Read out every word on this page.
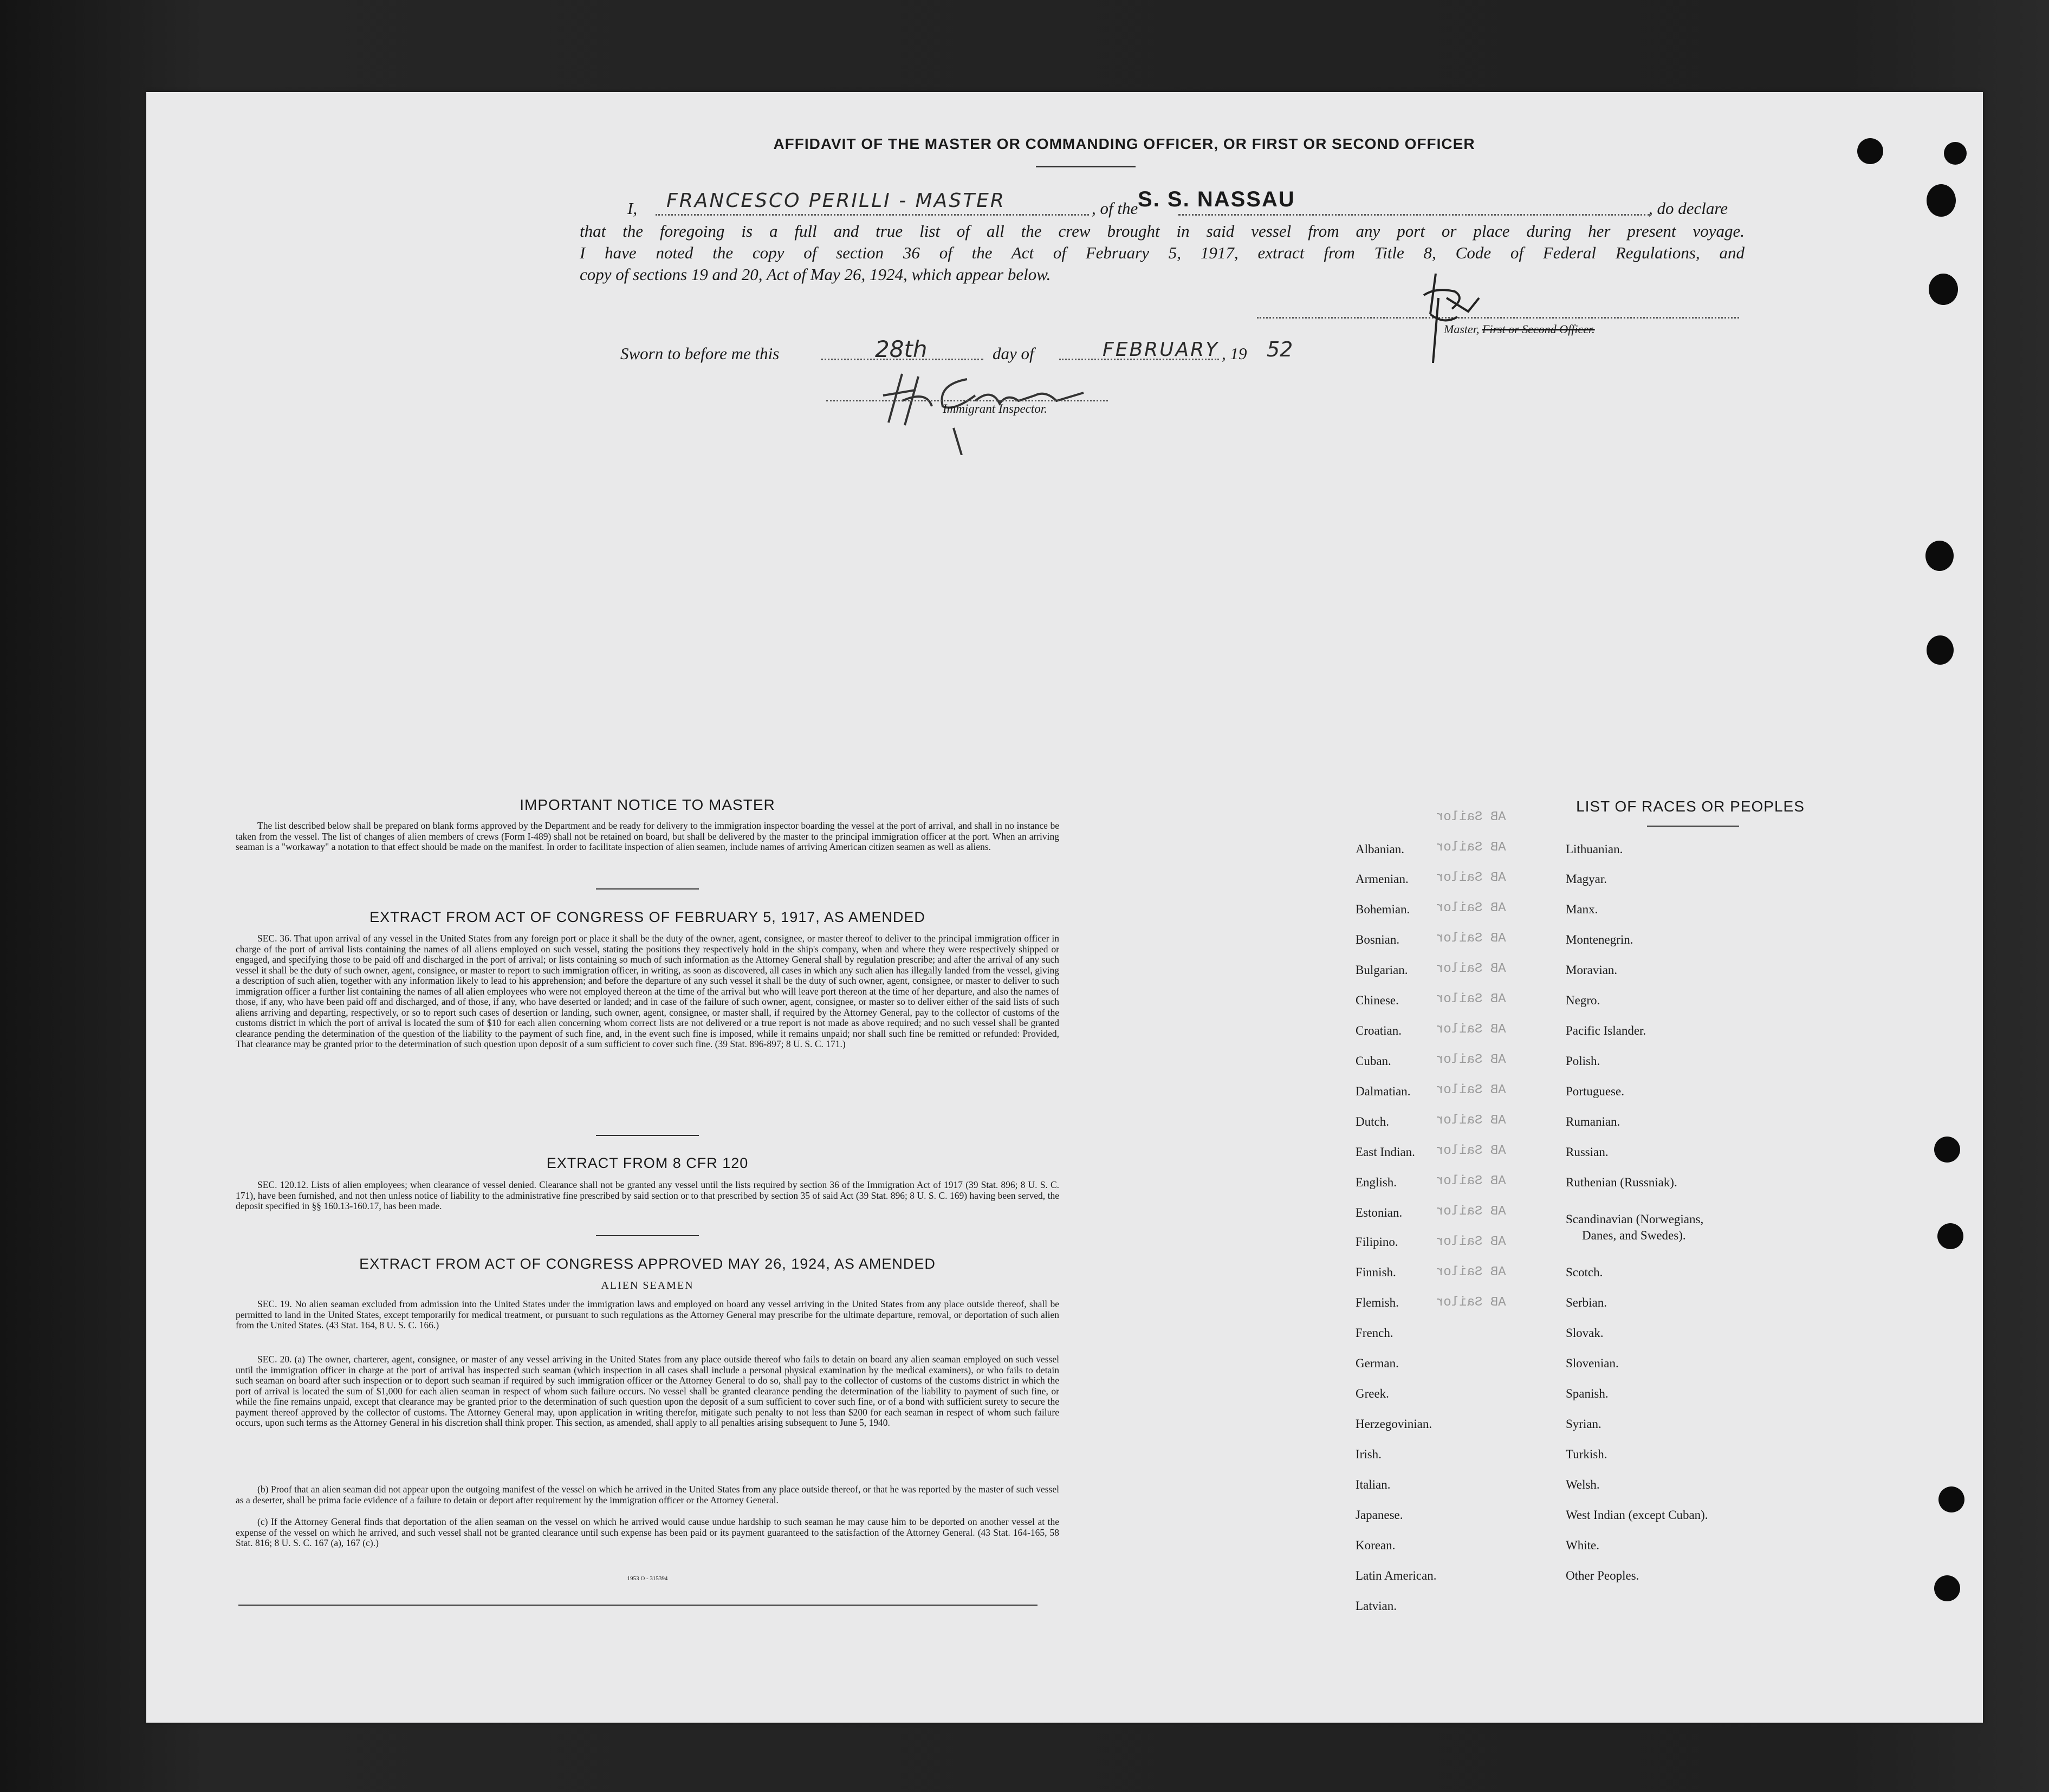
AFFIDAVIT OF THE MASTER OR COMMANDING OFFICER, OR FIRST OR SECOND OFFICER
I, FRANCESCO PERILLI - MASTER	, of the S. S. NASSAU	, do declare
that the foregoing is a full and true list of all the crew brought in said vessel from any port or place during her present voyage.
I have noted the copy of section 36 of the Act of February 5, 1917, extract from Title 8, Code of Federal Regulations, and
copy of sections 19 and 20, Act of May 26, 1924, which appear below.
Master, First or Second Officer.
Sworn to before me this	28th	day of	FEBRUARY , 19 52
Immigrant Inspector.
IMPORTANT NOTICE TO MASTER
The list described below shall be prepared on blank forms approved by the Department and be ready for delivery to the immigration inspector boarding the vessel at the port of arrival, and shall in no instance be taken from the vessel. The list of changes of alien members of crews (Form I-489) shall not be retained on board, but shall be delivered by the master to the principal immigration officer at the port. When an arriving seaman is a "workaway" a notation to that effect should be made on the manifest. In order to facilitate inspection of alien seamen, include names of arriving American citizen seamen as well as aliens.
EXTRACT FROM ACT OF CONGRESS OF FEBRUARY 5, 1917, AS AMENDED
SEC. 36. That upon arrival of any vessel in the United States from any foreign port or place it shall be the duty of the owner, agent, consignee, or master thereof to deliver to the principal immigration officer in charge of the port of arrival lists containing the names of all aliens employed on such vessel, stating the positions they respectively hold in the ship's company, when and where they were respectively shipped or engaged, and specifying those to be paid off and discharged in the port of arrival; or lists containing so much of such information as the Attorney General shall by regulation prescribe; and after the arrival of any such vessel it shall be the duty of such owner, agent, consignee, or master to report to such immigration officer, in writing, as soon as discovered, all cases in which any such alien has illegally landed from the vessel, giving a description of such alien, together with any information likely to lead to his apprehension; and before the departure of any such vessel it shall be the duty of such owner, agent, consignee, or master to deliver to such immigration officer a further list containing the names of all alien employees who were not employed thereon at the time of the arrival but who will leave port thereon at the time of her departure, and also the names of those, if any, who have been paid off and discharged, and of those, if any, who have deserted or landed; and in case of the failure of such owner, agent, consignee, or master so to deliver either of the said lists of such aliens arriving and departing, respectively, or so to report such cases of desertion or landing, such owner, agent, consignee, or master shall, if required by the Attorney General, pay to the collector of customs of the customs district in which the port of arrival is located the sum of $10 for each alien concerning whom correct lists are not delivered or a true report is not made as above required; and no such vessel shall be granted clearance pending the determination of the question of the liability to the payment of such fine, and, in the event such fine is imposed, while it remains unpaid; nor shall such fine be remitted or refunded: Provided, That clearance may be granted prior to the determination of such question upon deposit of a sum sufficient to cover such fine. (39 Stat. 896-897; 8 U. S. C. 171.)
EXTRACT FROM 8 CFR 120
SEC. 120.12. Lists of alien employees; when clearance of vessel denied. Clearance shall not be granted any vessel until the lists required by section 36 of the Immigration Act of 1917 (39 Stat. 896; 8 U. S. C. 171), have been furnished, and not then unless notice of liability to the administrative fine prescribed by said section or to that prescribed by section 35 of said Act (39 Stat. 896; 8 U. S. C. 169) having been served, the deposit specified in §§ 160.13-160.17, has been made.
EXTRACT FROM ACT OF CONGRESS APPROVED MAY 26, 1924, AS AMENDED
ALIEN SEAMEN
SEC. 19. No alien seaman excluded from admission into the United States under the immigration laws and employed on board any vessel arriving in the United States from any place outside thereof, shall be permitted to land in the United States, except temporarily for medical treatment, or pursuant to such regulations as the Attorney General may prescribe for the ultimate departure, removal, or deportation of such alien from the United States. (43 Stat. 164, 8 U. S. C. 166.)
SEC. 20. (a) The owner, charterer, agent, consignee, or master of any vessel arriving in the United States from any place outside thereof who fails to detain on board any alien seaman employed on such vessel until the immigration officer in charge at the port of arrival has inspected such seaman (which inspection in all cases shall include a personal physical examination by the medical examiners), or who fails to detain such seaman on board after such inspection or to deport such seaman if required by such immigration officer or the Attorney General to do so, shall pay to the collector of customs of the customs district in which the port of arrival is located the sum of $1,000 for each alien seaman in respect of whom such failure occurs. No vessel shall be granted clearance pending the determination of the liability to payment of such fine, or while the fine remains unpaid, except that clearance may be granted prior to the determination of such question upon the deposit of a sum sufficient to cover such fine, or of a bond with sufficient surety to secure the payment thereof approved by the collector of customs. The Attorney General may, upon application in writing therefor, mitigate such penalty to not less than $200 for each seaman in respect of whom such failure occurs, upon such terms as the Attorney General in his discretion shall think proper. This section, as amended, shall apply to all penalties arising subsequent to June 5, 1940.
(b) Proof that an alien seaman did not appear upon the outgoing manifest of the vessel on which he arrived in the United States from any place outside thereof, or that he was reported by the master of such vessel as a deserter, shall be prima facie evidence of a failure to detain or deport after requirement by the immigration officer or the Attorney General.
(c) If the Attorney General finds that deportation of the alien seaman on the vessel on which he arrived would cause undue hardship to such seaman he may cause him to be deported on another vessel at the expense of the vessel on which he arrived, and such vessel shall not be granted clearance until such expense has been paid or its payment guaranteed to the satisfaction of the Attorney General. (43 Stat. 164-165, 58 Stat. 816; 8 U. S. C. 167 (a), 167 (c).)
1953 O - 315394
AB Sailor
AB Sailor
AB Sailor
AB Sailor
AB Sailor
AB Sailor
AB Sailor
AB Sailor
AB Sailor
AB Sailor
AB Sailor
AB Sailor
AB Sailor
AB Sailor
AB Sailor
AB Sailor
AB Sailor
LIST OF RACES OR PEOPLES
Albanian.
Armenian.
Bohemian.
Bosnian.
Bulgarian.
Chinese.
Croatian.
Cuban.
Dalmatian.
Dutch.
East Indian.
English.
Estonian.
Filipino.
Finnish.
Flemish.
French.
German.
Greek.
Herzegovinian.
Irish.
Italian.
Japanese.
Korean.
Latin American.
Latvian.
Lithuanian.
Magyar.
Manx.
Montenegrin.
Moravian.
Negro.
Pacific Islander.
Polish.
Portuguese.
Rumanian.
Russian.
Ruthenian (Russniak).
Scandinavian (Norwegians,
Danes, and Swedes).
Scotch.
Serbian.
Slovak.
Slovenian.
Spanish.
Syrian.
Turkish.
Welsh.
West Indian (except Cuban).
White.
Other Peoples.
